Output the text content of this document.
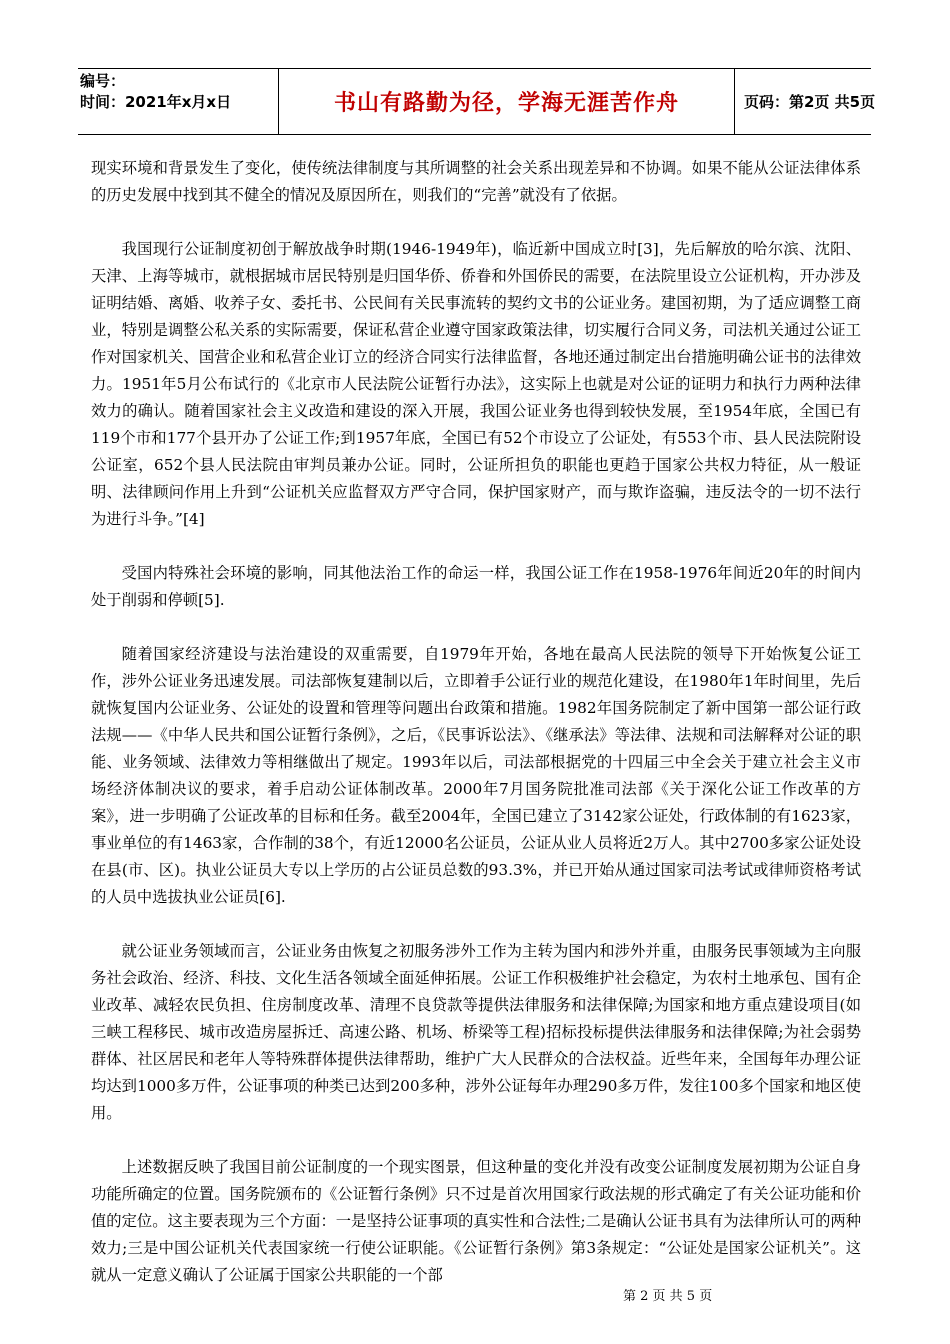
编号：
时间：2021年x月x日	书山有路勤为径，学海无涯苦作舟	页码：第2页 共5页

现实环境和背景发生了变化，使传统法律制度与其所调整的社会关系出现差异和不协调。如果不能从公证法律体系的历史发展中找到其不健全的情况及原因所在，则我们的“完善”就没有了依据。

我国现行公证制度初创于解放战争时期(1946-1949年)，临近新中国成立时[3]，先后解放的哈尔滨、沈阳、天津、上海等城市，就根据城市居民特别是归国华侨、侨眷和外国侨民的需要，在法院里设立公证机构，开办涉及证明结婚、离婚、收养子女、委托书、公民间有关民事流转的契约文书的公证业务。建国初期，为了适应调整工商业，特别是调整公私关系的实际需要，保证私营企业遵守国家政策法律，切实履行合同义务，司法机关通过公证工作对国家机关、国营企业和私营企业订立的经济合同实行法律监督，各地还通过制定出台措施明确公证书的法律效力。1951年5月公布试行的《北京市人民法院公证暂行办法》，这实际上也就是对公证的证明力和执行力两种法律效力的确认。随着国家社会主义改造和建设的深入开展，我国公证业务也得到较快发展，至1954年底，全国已有119个市和177个县开办了公证工作;到1957年底，全国已有52个市设立了公证处，有553个市、县人民法院附设公证室，652个县人民法院由审判员兼办公证。同时，公证所担负的职能也更趋于国家公共权力特征，从一般证明、法律顾问作用上升到“公证机关应监督双方严守合同，保护国家财产，而与欺诈盗骗，违反法令的一切不法行为进行斗争。”[4]

受国内特殊社会环境的影响，同其他法治工作的命运一样，我国公证工作在1958-1976年间近20年的时间内处于削弱和停顿[5].

随着国家经济建设与法治建设的双重需要，自1979年开始，各地在最高人民法院的领导下开始恢复公证工作，涉外公证业务迅速发展。司法部恢复建制以后，立即着手公证行业的规范化建设，在1980年1年时间里，先后就恢复国内公证业务、公证处的设置和管理等问题出台政策和措施。1982年国务院制定了新中国第一部公证行政法规——《中华人民共和国公证暂行条例》，之后，《民事诉讼法》、《继承法》等法律、法规和司法解释对公证的职能、业务领域、法律效力等相继做出了规定。1993年以后，司法部根据党的十四届三中全会关于建立社会主义市场经济体制决议的要求，着手启动公证体制改革。2000年7月国务院批准司法部《关于深化公证工作改革的方案》，进一步明确了公证改革的目标和任务。截至2004年，全国已建立了3142家公证处，行政体制的有1623家，事业单位的有1463家，合作制的38个，有近12000名公证员，公证从业人员将近2万人。其中2700多家公证处设在县(市、区)。执业公证员大专以上学历的占公证员总数的93.3%，并已开始从通过国家司法考试或律师资格考试的人员中选拔执业公证员[6].

就公证业务领域而言，公证业务由恢复之初服务涉外工作为主转为国内和涉外并重，由服务民事领域为主向服务社会政治、经济、科技、文化生活各领域全面延伸拓展。公证工作积极维护社会稳定，为农村土地承包、国有企业改革、减轻农民负担、住房制度改革、清理不良贷款等提供法律服务和法律保障;为国家和地方重点建设项目(如三峡工程移民、城市改造房屋拆迁、高速公路、机场、桥梁等工程)招标投标提供法律服务和法律保障;为社会弱势群体、社区居民和老年人等特殊群体提供法律帮助，维护广大人民群众的合法权益。近些年来，全国每年办理公证均达到1000多万件，公证事项的种类已达到200多种，涉外公证每年办理290多万件，发往100多个国家和地区使用。

上述数据反映了我国目前公证制度的一个现实图景，但这种量的变化并没有改变公证制度发展初期为公证自身功能所确定的位置。国务院颁布的《公证暂行条例》只不过是首次用国家行政法规的形式确定了有关公证功能和价值的定位。这主要表现为三个方面：一是坚持公证事项的真实性和合法性;二是确认公证书具有为法律所认可的两种效力;三是中国公证机关代表国家统一行使公证职能。《公证暂行条例》第3条规定：“公证处是国家公证机关”。这就从一定意义确认了公证属于国家公共职能的一个部

第 2 页 共 5 页
